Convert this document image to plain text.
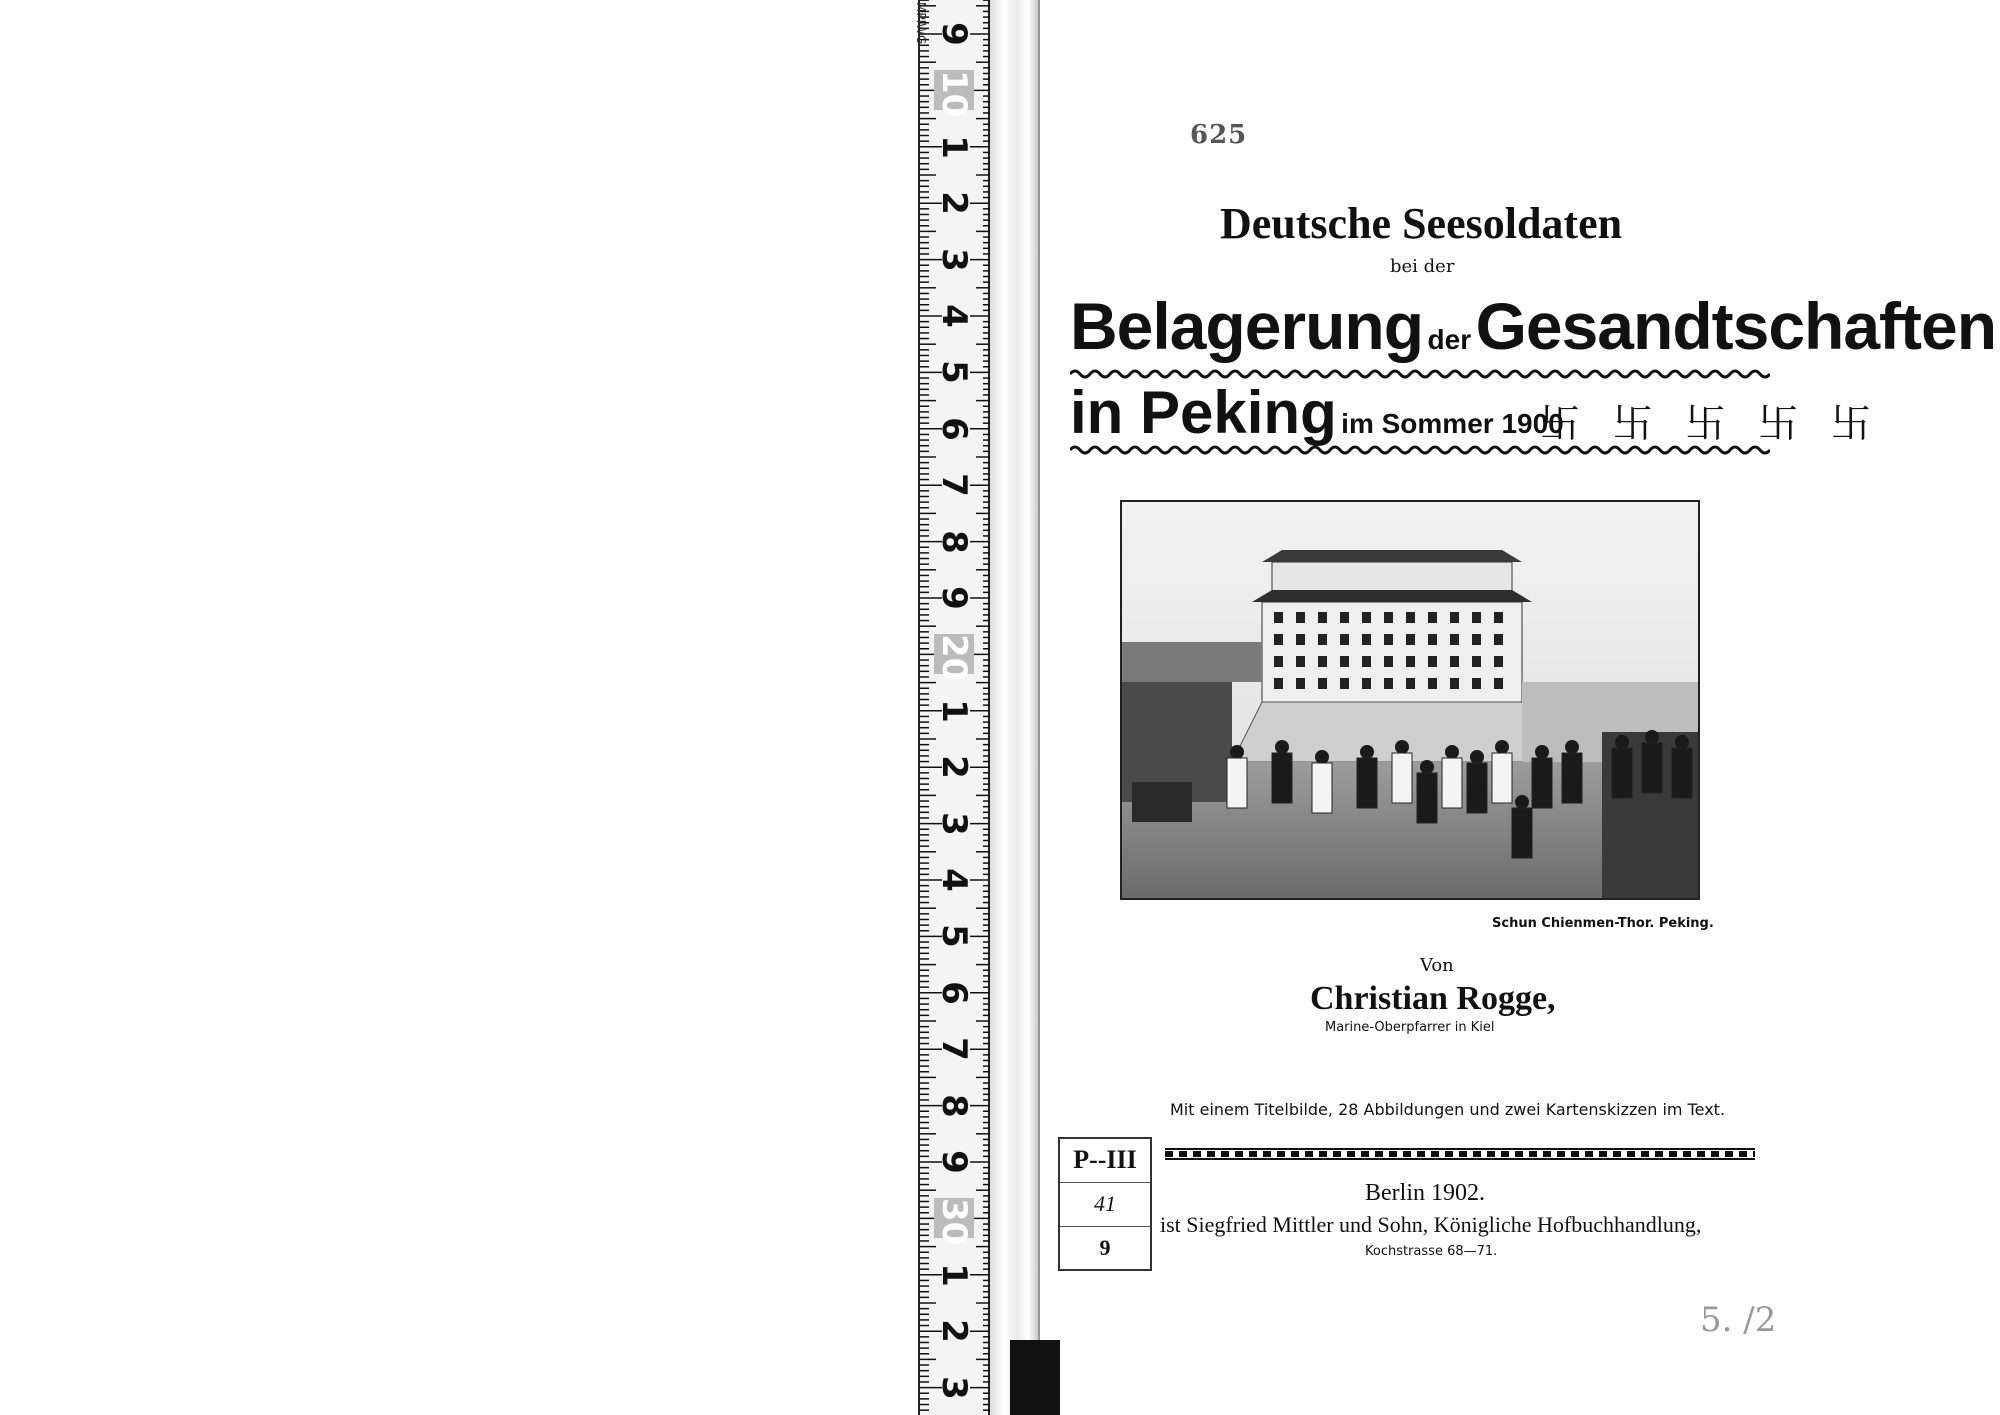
MPIWG 9
10
1
2
3
4
5
6
7
8
9
20
1
2
3
4
5
6
7
8
9
30
1
2
3
625
Deutsche Seesoldaten
bei der
Belagerung der Gesandtschaften
in Peking im Sommer 1900
卐 卐 卐 卐 卐
Schun Chienmen-Thor. Peking.
Von
Christian Rogge,
Marine-Oberpfarrer in Kiel
Mit einem Titelbilde, 28 Abbildungen und zwei Kartenskizzen im Text.
Berlin 1902.
ist Siegfried Mittler und Sohn, Königliche Hofbuchhandlung,
Kochstrasse 68—71.
P--III
41
9
5. /2
